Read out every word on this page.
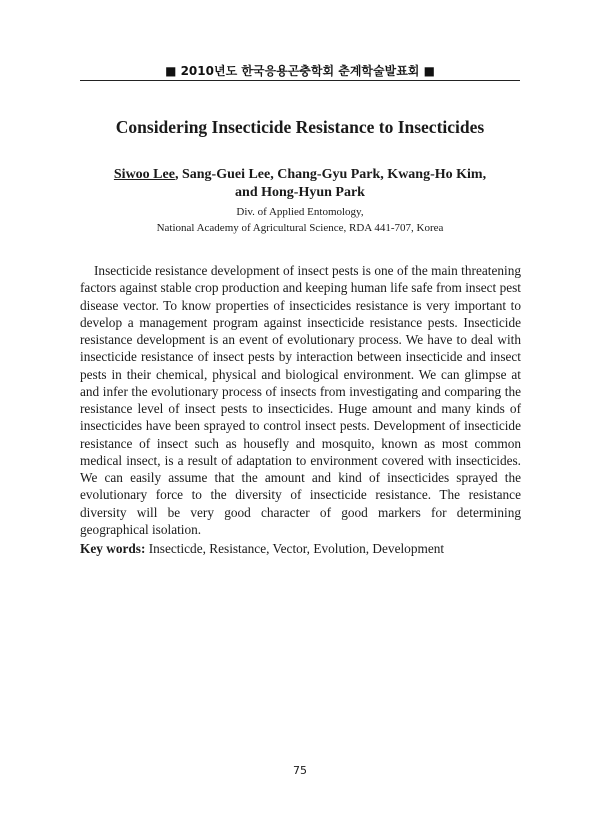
■ 2010년도 한국응용곤충학회 춘계학술발표회 ■
Considering Insecticide Resistance to Insecticides
Siwoo Lee, Sang-Guei Lee, Chang-Gyu Park, Kwang-Ho Kim,
and Hong-Hyun Park
Div. of Applied Entomology,
National Academy of Agricultural Science, RDA 441-707, Korea

Insecticide resistance development of insect pests is one of the main threatening factors against stable crop production and keeping human life safe from insect pest disease vector. To know properties of insecticides resistance is very important to develop a management program against insecticide resistance pests. Insecticide resistance development is an event of evolutionary process. We have to deal with insecticide resistance of insect pests by interaction between insecticide and insect pests in their chemical, physical and biological environment. We can glimpse at and infer the evolutionary process of insects from investigating and comparing the resistance level of insect pests to insecticides. Huge amount and many kinds of insecticides have been sprayed to control insect pests. Development of insecticide resistance of insect such as housefly and mosquito, known as most common medical insect, is a result of adaptation to environment covered with insecticides. We can easily assume that the amount and kind of insecticides sprayed the evolutionary force to the diversity of insecticide resistance. The resistance diversity will be very good character of good markers for determining geographical isolation.

Key words: Insecticde, Resistance, Vector, Evolution, Development
75
